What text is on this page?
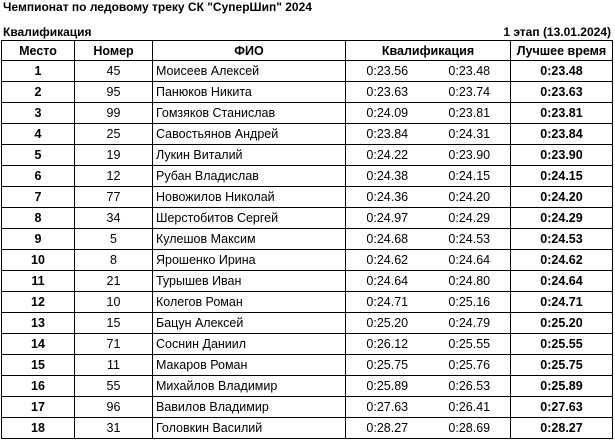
Чемпионат по ледовому треку СК "СуперШип" 2024
Квалификация	1 этап (13.01.2024)
Место	Номер	ФИО	Квалификация		Лучшее время
1	45	Моисеев Алексей	0:23.56	0:23.48	0:23.48
2	95	Панюков Никита	0:23.63	0:23.74	0:23.63
3	99	Гомзяков Станислав	0:24.09	0:23.81	0:23.81
4	25	Савостьянов Андрей	0:23.84	0:24.31	0:23.84
5	19	Лукин Виталий	0:24.22	0:23.90	0:23.90
6	12	Рубан Владислав	0:24.38	0:24.15	0:24.15
7	77	Новожилов Николай	0:24.36	0:24.20	0:24.20
8	34	Шерстобитов Сергей	0:24.97	0:24.29	0:24.29
9	5	Кулешов Максим	0:24.68	0:24.53	0:24.53
10	8	Ярошенко Ирина	0:24.62	0:24.64	0:24.62
11	21	Турышев Иван	0:24.64	0:24.80	0:24.64
12	10	Колегов Роман	0:24.71	0:25.16	0:24.71
13	15	Бацун Алексей	0:25.20	0:24.79	0:25.20
14	71	Соснин Даниил	0:26.12	0:25.55	0:25.55
15	11	Макаров Роман	0:25.75	0:25.76	0:25.75
16	55	Михайлов Владимир	0:25.89	0:26.53	0:25.89
17	96	Вавилов Владимир	0:27.63	0:26.41	0:27.63
18	31	Головкин Василий	0:28.27	0:28.69	0:28.27
